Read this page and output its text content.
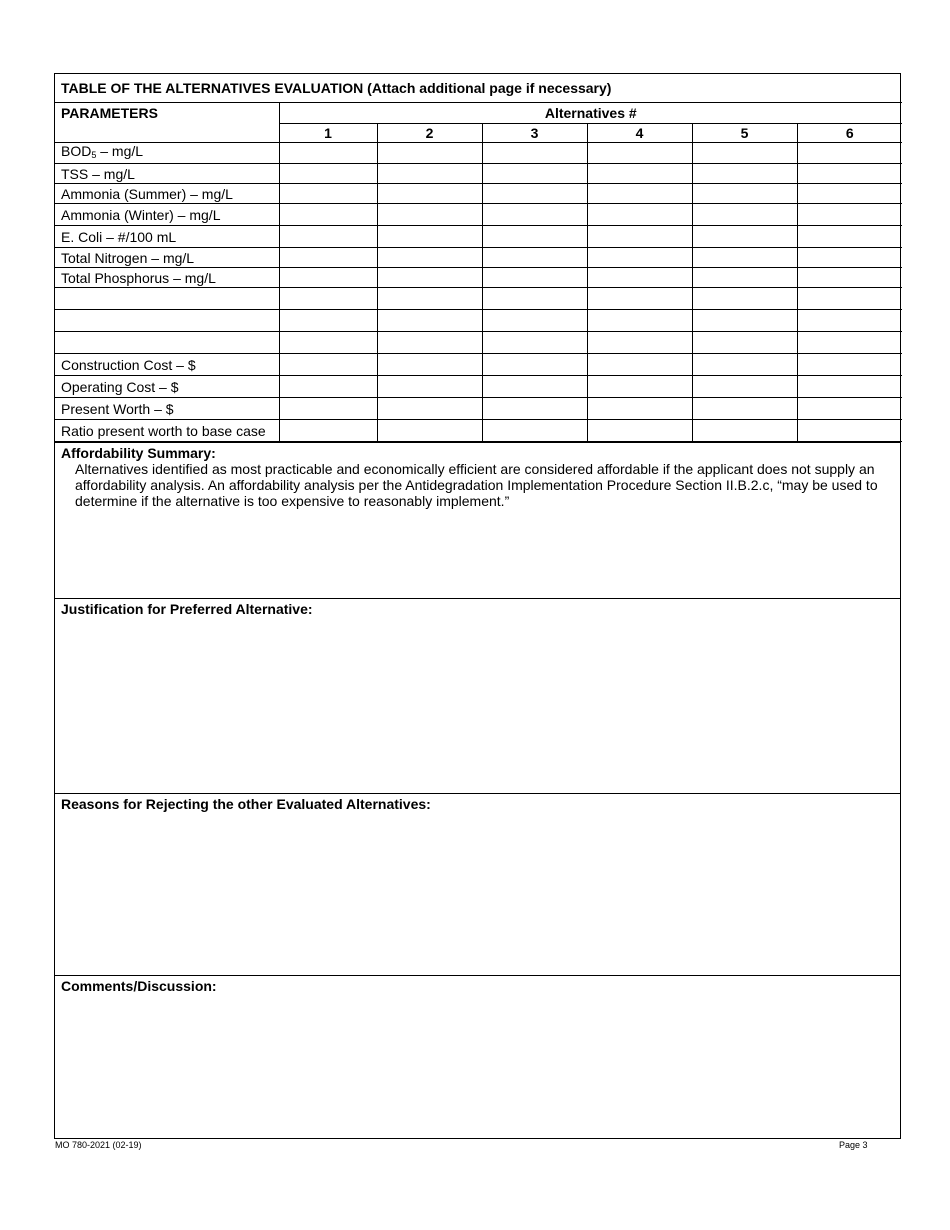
TABLE OF THE ALTERNATIVES EVALUATION (Attach additional page if necessary)						
PARAMETERS	Alternatives #					
	1	2	3	4	5	6
$BOD_5 - mg/L$						
TSS – mg/L						
Ammonia (Summer) – mg/L						
Ammonia (Winter) – mg/L						
E. Coli – #/100 mL						
Total Nitrogen – mg/L						
Total Phosphorus – mg/L						

Construction Cost – $						
Operating Cost – $						
Present Worth – $						
Ratio present worth to base case						
Affordability Summary:
Alternatives identified as most practicable and economically efficient are considered affordable if the applicant does not supply an affordability analysis. An affordability analysis per the Antidegradation Implementation Procedure Section II.B.2.c, “may be used to determine if the alternative is too expensive to reasonably implement.”
Justification for Preferred Alternative:
Reasons for Rejecting the other Evaluated Alternatives:
Comments/Discussion:
MO 780-2021 (02-19)	Page 3
